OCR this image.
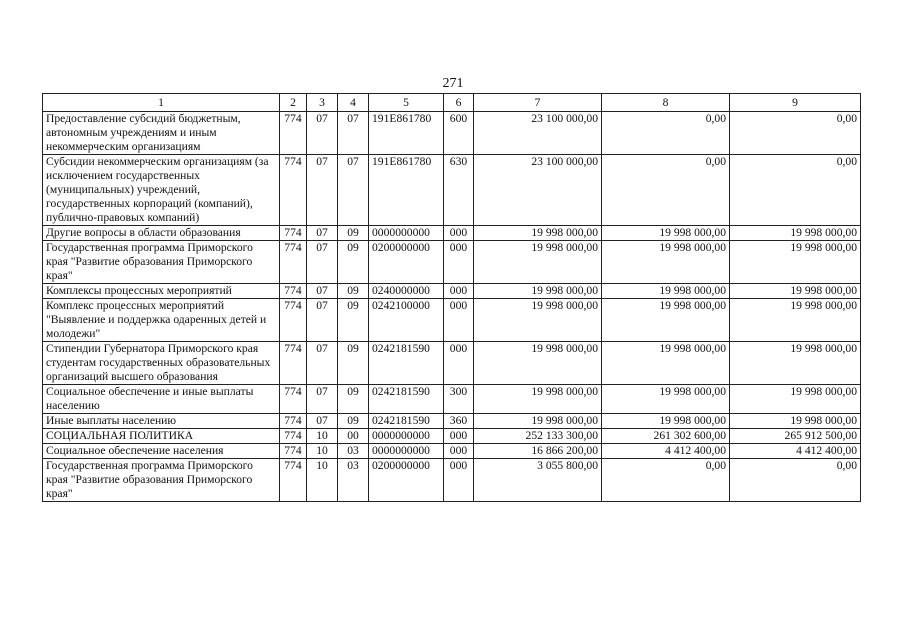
271
1	2	3	4	5	6	7	8	9
Предоставление субсидий бюджетным, автономным учреждениям и иным некоммерческим организациям	774	07	07	191E861780	600	23 100 000,00	0,00	0,00
Субсидии некоммерческим организациям (за исключением государственных (муниципальных) учреждений, государственных корпораций (компаний), публично-правовых компаний)	774	07	07	191E861780	630	23 100 000,00	0,00	0,00
Другие вопросы в области образования	774	07	09	0000000000	000	19 998 000,00	19 998 000,00	19 998 000,00
Государственная программа Приморского края "Развитие образования Приморского края"	774	07	09	0200000000	000	19 998 000,00	19 998 000,00	19 998 000,00
Комплексы процессных мероприятий	774	07	09	0240000000	000	19 998 000,00	19 998 000,00	19 998 000,00
Комплекс процессных мероприятий "Выявление и поддержка одаренных детей и молодежи"	774	07	09	0242100000	000	19 998 000,00	19 998 000,00	19 998 000,00
Стипендии Губернатора Приморского края студентам государственных образовательных организаций высшего образования	774	07	09	0242181590	000	19 998 000,00	19 998 000,00	19 998 000,00
Социальное обеспечение и иные выплаты населению	774	07	09	0242181590	300	19 998 000,00	19 998 000,00	19 998 000,00
Иные выплаты населению	774	07	09	0242181590	360	19 998 000,00	19 998 000,00	19 998 000,00
СОЦИАЛЬНАЯ ПОЛИТИКА	774	10	00	0000000000	000	252 133 300,00	261 302 600,00	265 912 500,00
Социальное обеспечение населения	774	10	03	0000000000	000	16 866 200,00	4 412 400,00	4 412 400,00
Государственная программа Приморского края "Развитие образования Приморского края"	774	10	03	0200000000	000	3 055 800,00	0,00	0,00
